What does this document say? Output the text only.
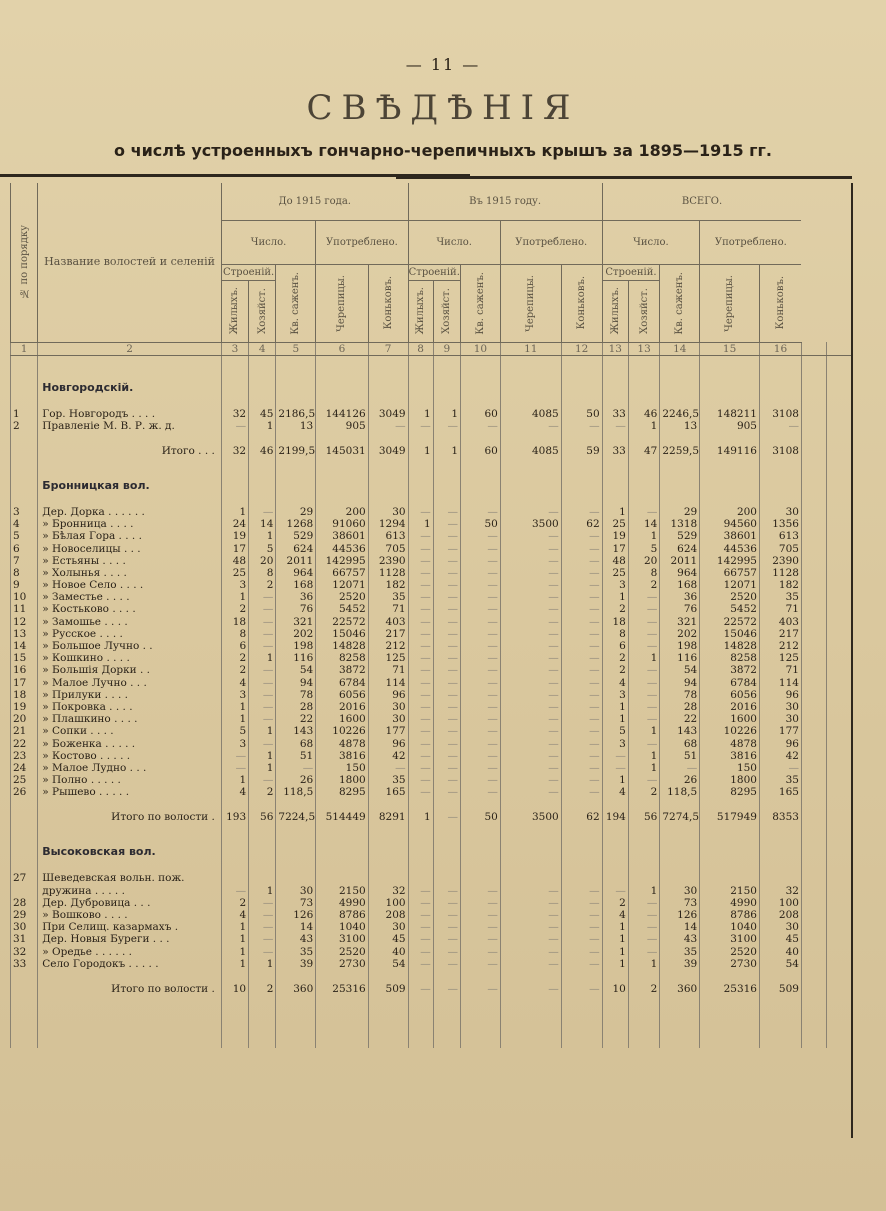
— 11 —
СВѢДѢНІЯ
о числѣ устроенныхъ гончарно-черепичныхъ крышъ за 1895—1915 гг.
№ по порядку	Название волостей и селеній	До 1915 года.					Въ 1915 году.					ВСЕГО.						
		Число.			Употреблено.		Число.			Употреблено.		Число.			Употреблено.			
		Строеній.		Кв. саженъ.	Черепицы.	Коньковъ.	Строеній.		Кв. саженъ.	Черепицы.	Коньковъ.	Строеній.		Кв. саженъ.	Черепицы.	Коньковъ.		

		Жилыхъ.	Хозяйст.				Жилыхъ.	Хозяйст.				Жилыхъ.	Хозяйст.					

1	2	3	4	5	6	7	8	9	10	11	12	13	13	14	15	16		

	Новгородскій.																	

1	Гор. Новгородъ . . . .	32	45	2186,5	144126	3049	1	1	60	4085	50	33	46	2246,5	148211	3108		
2	Правленіе М. В. Р. ж. д.	—	1	13	905	—	—	—	—	—	—	—	1	13	905	—		

	Итого . . .	32	46	2199,5	145031	3049	1	1	60	4085	59	33	47	2259,5	149116	3108		

	Бронницкая вол.																	

3	Дер. Дорка . . . . . .	1	—	29	200	30	—	—	—	—	—	1	—	29	200	30		
4	» Бронница . . . .	24	14	1268	91060	1294	1	—	50	3500	62	25	14	1318	94560	1356		
5	» Бѣлая Гора . . . .	19	1	529	38601	613	—	—	—	—	—	19	1	529	38601	613		
6	» Новоселицы . . .	17	5	624	44536	705	—	—	—	—	—	17	5	624	44536	705		
7	» Естьяны . . . .	48	20	2011	142995	2390	—	—	—	—	—	48	20	2011	142995	2390		
8	» Холынья . . . .	25	8	964	66757	1128	—	—	—	—	—	25	8	964	66757	1128		
9	» Новое Село . . . .	3	2	168	12071	182	—	—	—	—	—	3	2	168	12071	182		
10	» Заместье . . . .	1	—	36	2520	35	—	—	—	—	—	1	—	36	2520	35		
11	» Костьково . . . .	2	—	76	5452	71	—	—	—	—	—	2	—	76	5452	71		
12	» Замошье . . . .	18	—	321	22572	403	—	—	—	—	—	18	—	321	22572	403		
13	» Русское . . . .	8	—	202	15046	217	—	—	—	—	—	8	—	202	15046	217		
14	» Большое Лучно . .	6	—	198	14828	212	—	—	—	—	—	6	—	198	14828	212		
15	» Кошкино . . . .	2	1	116	8258	125	—	—	—	—	—	2	1	116	8258	125		
16	» Большія Дорки . .	2	—	54	3872	71	—	—	—	—	—	2	—	54	3872	71		
17	» Малое Лучно . . .	4	—	94	6784	114	—	—	—	—	—	4	—	94	6784	114		
18	» Прилуки . . . .	3	—	78	6056	96	—	—	—	—	—	3	—	78	6056	96		
19	» Покровка . . . .	1	—	28	2016	30	—	—	—	—	—	1	—	28	2016	30		
20	» Плашкино . . . .	1	—	22	1600	30	—	—	—	—	—	1	—	22	1600	30		
21	» Сопки . . . .	5	1	143	10226	177	—	—	—	—	—	5	1	143	10226	177		
22	» Боженка . . . . .	3	—	68	4878	96	—	—	—	—	—	3	—	68	4878	96		
23	» Костово . . . . .	—	1	51	3816	42	—	—	—	—	—	—	1	51	3816	42		
24	» Малое Лудно . . .	—	1	—	150	—	—	—	—	—	—	—	1	—	150	—		
25	» Полно . . . . .	1	—	26	1800	35	—	—	—	—	—	1	—	26	1800	35		
26	» Рышево . . . . .	4	2	118,5	8295	165	—	—	—	—	—	4	2	118,5	8295	165		

	Итого по волости .	193	56	7224,5	514449	8291	1	—	50	3500	62	194	56	7274,5	517949	8353		

	Высоковская вол.																	

27	Шеведевская вольн. пож.																	
	дружина . . . . .	—	1	30	2150	32	—	—	—	—	—	—	1	30	2150	32		
28	Дер. Дубровица . . .	2	—	73	4990	100	—	—	—	—	—	2	—	73	4990	100		
29	» Вошково . . . .	4	—	126	8786	208	—	—	—	—	—	4	—	126	8786	208		
30	При Селищ. казармахъ .	1	—	14	1040	30	—	—	—	—	—	1	—	14	1040	30		
31	Дер. Новыя Буреги . . .	1	—	43	3100	45	—	—	—	—	—	1	—	43	3100	45		
32	» Оредье . . . . . .	1	—	35	2520	40	—	—	—	—	—	1	—	35	2520	40		
33	Село Городокъ . . . . .	1	1	39	2730	54	—	—	—	—	—	1	1	39	2730	54		

	Итого по волости .	10	2	360	25316	509	—	—	—	—	—	10	2	360	25316	509		
